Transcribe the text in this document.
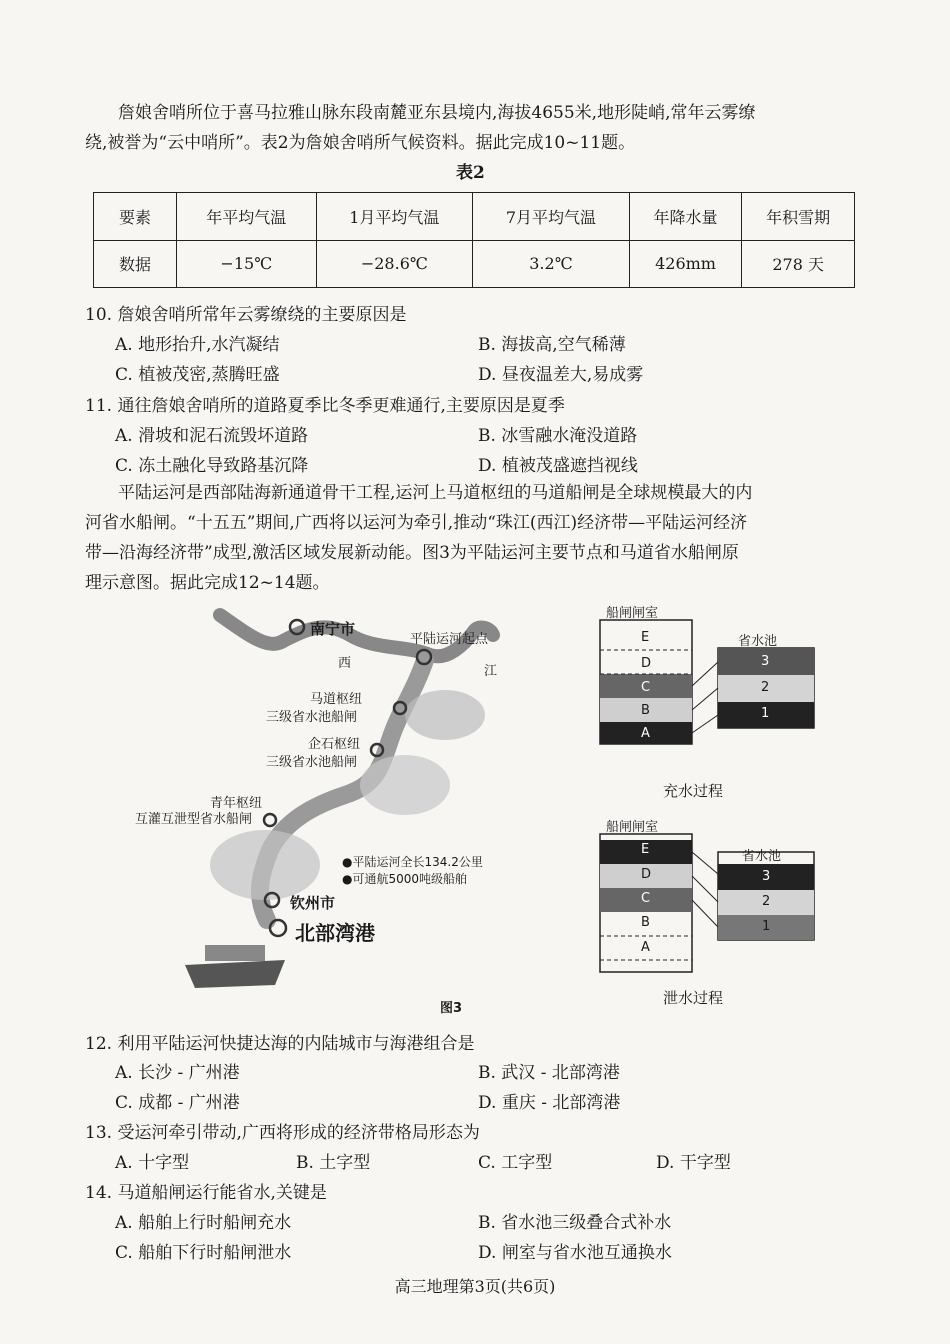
詹娘舍哨所位于喜马拉雅山脉东段南麓亚东县境内,海拔4655米,地形陡峭,常年云雾缭
绕,被誉为“云中哨所”。表2为詹娘舍哨所气候资料。据此完成10~11题。
表2
要素	年平均气温	1月平均气温	7月平均气温	年降水量	年积雪期
数据	−15℃	−28.6℃	3.2℃	426mm	278 天
10. 詹娘舍哨所常年云雾缭绕的主要原因是
A. 地形抬升,水汽凝结	B. 海拔高,空气稀薄
C. 植被茂密,蒸腾旺盛	D. 昼夜温差大,易成雾
11. 通往詹娘舍哨所的道路夏季比冬季更难通行,主要原因是夏季
A. 滑坡和泥石流毁坏道路	B. 冰雪融水淹没道路
C. 冻土融化导致路基沉降	D. 植被茂盛遮挡视线
平陆运河是西部陆海新通道骨干工程,运河上马道枢纽的马道船闸是全球规模最大的内
河省水船闸。“十五五”期间,广西将以运河为牵引,推动“珠江(西江)经济带—平陆运河经济
带—沿海经济带”成型,激活区域发展新动能。图3为平陆运河主要节点和马道省水船闸原
理示意图。据此完成12~14题。
南宁市
平陆运河起点
西
江
马道枢纽
三级省水池船闸
企石枢纽
三级省水池船闸
青年枢纽
互灌互泄型省水船闸
●平陆运河全长134.2公里
●可通航5000吨级船舶
钦州市
北部湾港
图3
船闸闸室
省水池
E
D
C
B
A
3
2
1
充水过程
船闸闸室
省水池
E
D
C
B
A
3
2
1
泄水过程
12. 利用平陆运河快捷达海的内陆城市与海港组合是
A. 长沙 - 广州港	B. 武汉 - 北部湾港
C. 成都 - 广州港	D. 重庆 - 北部湾港
13. 受运河牵引带动,广西将形成的经济带格局形态为
A. 十字型	B. 土字型	C. 工字型	D. 干字型
14. 马道船闸运行能省水,关键是
A. 船舶上行时船闸充水	B. 省水池三级叠合式补水
C. 船舶下行时船闸泄水	D. 闸室与省水池互通换水
高三地理第3页(共6页)
